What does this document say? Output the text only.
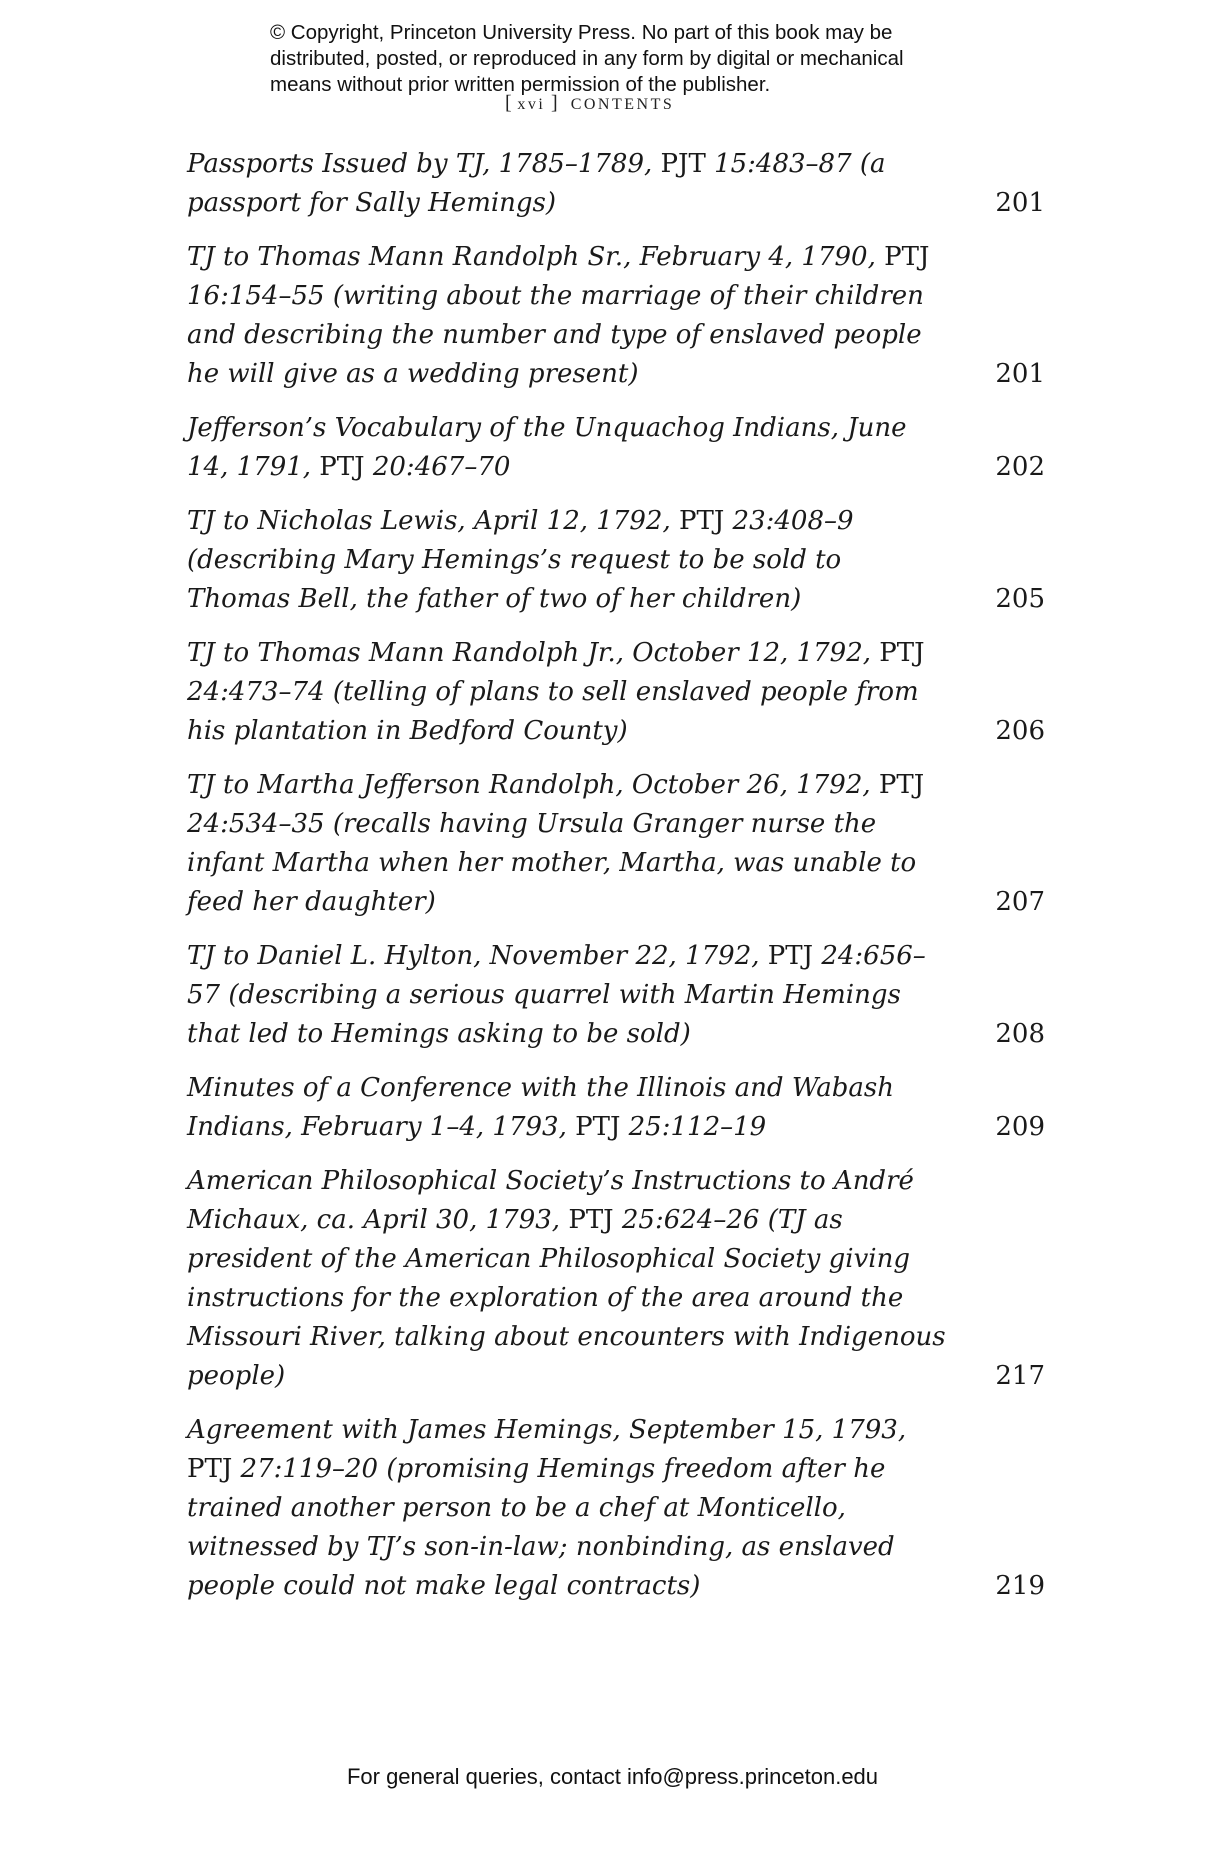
© Copyright, Princeton University Press. No part of this book may be distributed, posted, or reproduced in any form by digital or mechanical means without prior written permission of the publisher.

[  xvi  ] CONTENTS

Passports Issued by TJ, 1785–1789, PJT 15:483–87 (a passport for Sally Hemings)	201

TJ to Thomas Mann Randolph Sr., February 4, 1790, PTJ 16:154–55 (writing about the marriage of their children and describing the number and type of enslaved people he will give as a wedding present)	201

Jefferson’s Vocabulary of the Unquachog Indians, June 14, 1791, PTJ 20:467–70	202

TJ to Nicholas Lewis, April 12, 1792, PTJ 23:408–9 (describing Mary Hemings’s request to be sold to Thomas Bell, the father of two of her children)	205

TJ to Thomas Mann Randolph Jr., October 12, 1792, PTJ 24:473–74 (telling of plans to sell enslaved people from his plantation in Bedford County)	206

TJ to Martha Jefferson Randolph, October 26, 1792, PTJ 24:534–35 (recalls having Ursula Granger nurse the infant Martha when her mother, Martha, was unable to feed her daughter)	207

TJ to Daniel L. Hylton, November 22, 1792, PTJ 24:656–57 (describing a serious quarrel with Martin Hemings that led to Hemings asking to be sold)	208

Minutes of a Conference with the Illinois and Wabash Indians, February 1–4, 1793, PTJ 25:112–19	209

American Philosophical Society’s Instructions to André Michaux, ca. April 30, 1793, PTJ 25:624–26 (TJ as president of the American Philosophical Society giving instructions for the exploration of the area around the Missouri River, talking about encounters with Indigenous people)	217

Agreement with James Hemings, September 15, 1793, PTJ 27:119–20 (promising Hemings freedom after he trained another person to be a chef at Monticello, witnessed by TJ’s son-in-law; nonbinding, as enslaved people could not make legal contracts)	219
For general queries, contact info@press.princeton.edu
